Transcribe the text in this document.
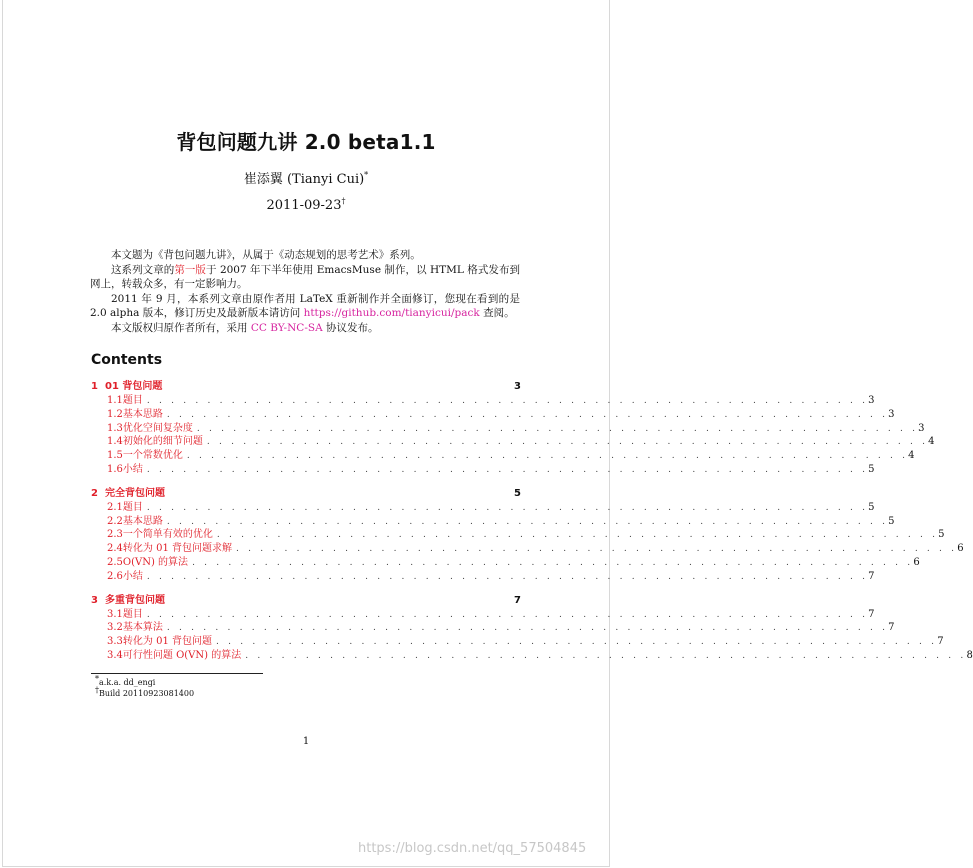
背包问题九讲 2.0 beta1.1
崔添翼 (Tianyi Cui)*
2011-09-23†

本文题为《背包问题九讲》，从属于《动态规划的思考艺术》系列。

这系列文章的第一版于 2007 年下半年使用 EmacsMuse 制作，以 HTML 格式发布到网上，转载众多，有一定影响力。

2011 年 9 月，本系列文章由原作者用 LaTeX 重新制作并全面修订，您现在看到的是 2.0 alpha 版本，修订历史及最新版本请访问 https://github.com/tianyicui/pack 查阅。

本文版权归原作者所有，采用 CC BY-NC-SA 协议发布。

Contents
1 01 背包问题	3
1.1 题目 . . . . . . . . . . . . . . . . . . . . . . . . . . . . . . . . . . . . . . . . . . . . . . . . . . . . . . . . . . . . 3
1.2 基本思路 . . . . . . . . . . . . . . . . . . . . . . . . . . . . . . . . . . . . . . . . . . . . . . . . . . . . . . . . . . . . 3
1.3 优化空间复杂度 . . . . . . . . . . . . . . . . . . . . . . . . . . . . . . . . . . . . . . . . . . . . . . . . . . . . . . . . . . . . 3
1.4 初始化的细节问题 . . . . . . . . . . . . . . . . . . . . . . . . . . . . . . . . . . . . . . . . . . . . . . . . . . . . . . . . . . . . 4
1.5 一个常数优化 . . . . . . . . . . . . . . . . . . . . . . . . . . . . . . . . . . . . . . . . . . . . . . . . . . . . . . . . . . . . 4
1.6 小结 . . . . . . . . . . . . . . . . . . . . . . . . . . . . . . . . . . . . . . . . . . . . . . . . . . . . . . . . . . . . 5
2 完全背包问题	5
2.1 题目 . . . . . . . . . . . . . . . . . . . . . . . . . . . . . . . . . . . . . . . . . . . . . . . . . . . . . . . . . . . . 5
2.2 基本思路 . . . . . . . . . . . . . . . . . . . . . . . . . . . . . . . . . . . . . . . . . . . . . . . . . . . . . . . . . . . . 5
2.3 一个简单有效的优化 . . . . . . . . . . . . . . . . . . . . . . . . . . . . . . . . . . . . . . . . . . . . . . . . . . . . . . . . . . . . 5
2.4 转化为 01 背包问题求解 . . . . . . . . . . . . . . . . . . . . . . . . . . . . . . . . . . . . . . . . . . . . . . . . . . . . . . . . . . . . 6
2.5 O(VN) 的算法 . . . . . . . . . . . . . . . . . . . . . . . . . . . . . . . . . . . . . . . . . . . . . . . . . . . . . . . . . . . . 6
2.6 小结 . . . . . . . . . . . . . . . . . . . . . . . . . . . . . . . . . . . . . . . . . . . . . . . . . . . . . . . . . . . . 7
3 多重背包问题	7
3.1 题目 . . . . . . . . . . . . . . . . . . . . . . . . . . . . . . . . . . . . . . . . . . . . . . . . . . . . . . . . . . . . 7
3.2 基本算法 . . . . . . . . . . . . . . . . . . . . . . . . . . . . . . . . . . . . . . . . . . . . . . . . . . . . . . . . . . . . 7
3.3 转化为 01 背包问题 . . . . . . . . . . . . . . . . . . . . . . . . . . . . . . . . . . . . . . . . . . . . . . . . . . . . . . . . . . . . 7
3.4 可行性问题 O(VN) 的算法 . . . . . . . . . . . . . . . . . . . . . . . . . . . . . . . . . . . . . . . . . . . . . . . . . . . . . . . . . . . . 8
*a.k.a. dd_engi
†Build 20110923081400
1
https://blog.csdn.net/qq_57504845
